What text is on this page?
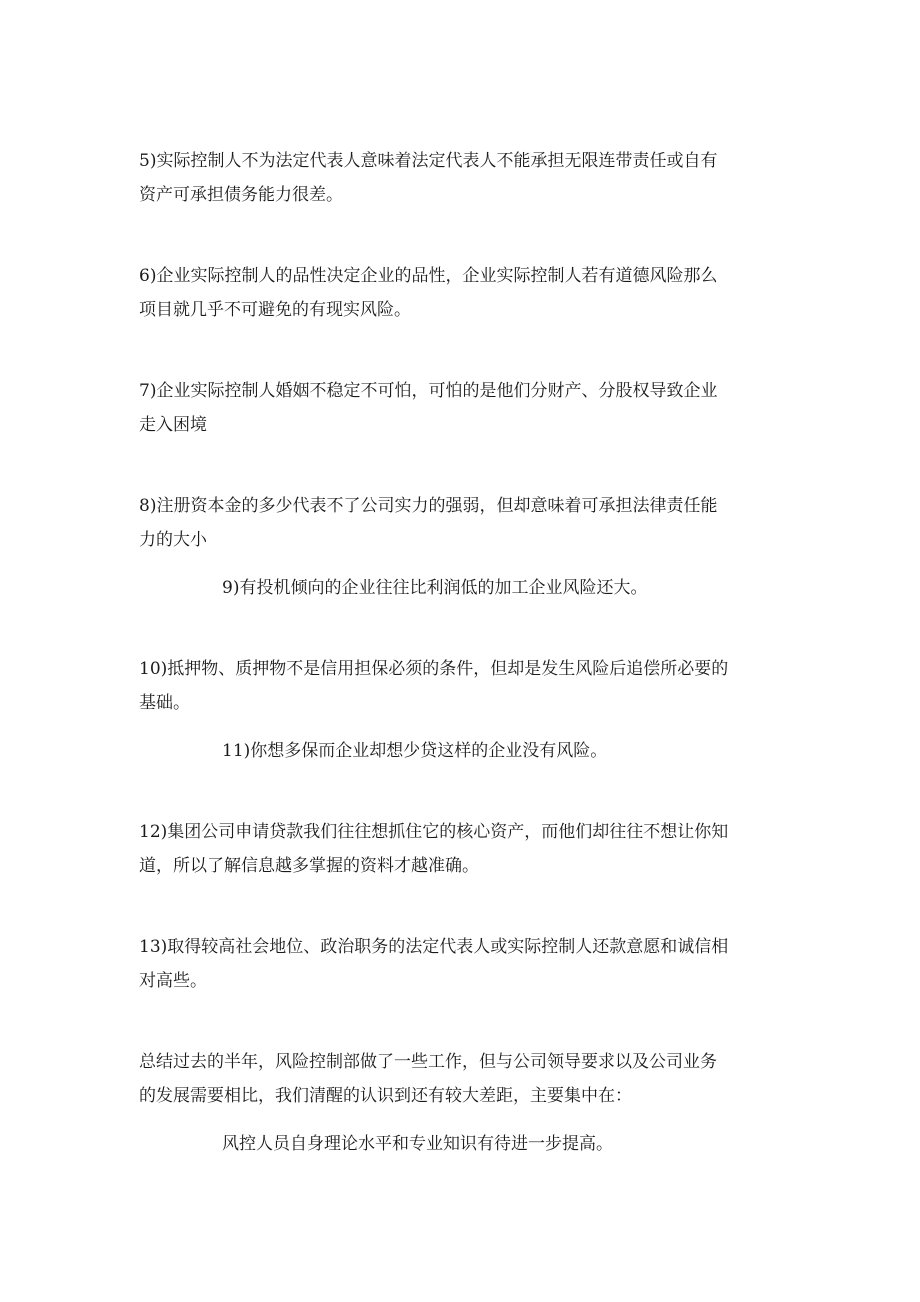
5)实际控制人不为法定代表人意味着法定代表人不能承担无限连带责任或自有
资产可承担债务能力很差。

6)企业实际控制人的品性决定企业的品性，企业实际控制人若有道德风险那么
项目就几乎不可避免的有现实风险。

7)企业实际控制人婚姻不稳定不可怕，可怕的是他们分财产、分股权导致企业
走入困境

8)注册资本金的多少代表不了公司实力的强弱，但却意味着可承担法律责任能
力的大小

9)有投机倾向的企业往往比利润低的加工企业风险还大。

10)抵押物、质押物不是信用担保必须的条件，但却是发生风险后追偿所必要的
基础。

11)你想多保而企业却想少贷这样的企业没有风险。

12)集团公司申请贷款我们往往想抓住它的核心资产，而他们却往往不想让你知
道，所以了解信息越多掌握的资料才越准确。

13)取得较高社会地位、政治职务的法定代表人或实际控制人还款意愿和诚信相
对高些。

总结过去的半年，风险控制部做了一些工作，但与公司领导要求以及公司业务
的发展需要相比，我们清醒的认识到还有较大差距，主要集中在：

风控人员自身理论水平和专业知识有待进一步提高。
